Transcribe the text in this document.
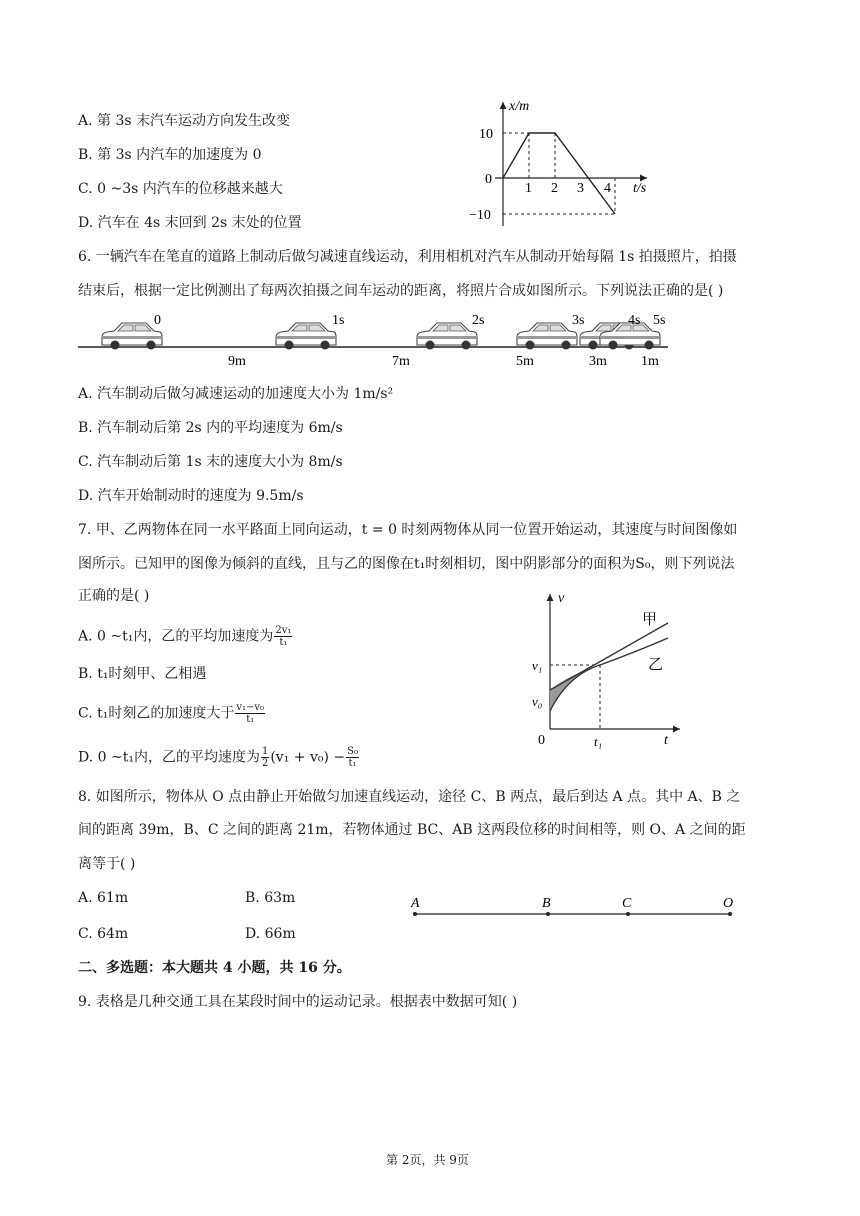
A. 第 3s 末汽车运动方向发生改变
B. 第 3s 内汽车的加速度为 0
C. 0 ~3s 内汽车的位移越来越大
D. 汽车在 4s 末回到 2s 末处的位置
x/m
t/s
10
0
−10
1 2 3 4
6. 一辆汽车在笔直的道路上制动后做匀减速直线运动，利用相机对汽车从制动开始每隔 1s 拍摄照片，拍摄
结束后，根据一定比例测出了每两次拍摄之间车运动的距离，将照片合成如图所示。下列说法正确的是( )
0	1s	2s	3s	4s 5s
9m	7m	5m	3m 1m
A. 汽车制动后做匀减速运动的加速度大小为 1m/s²
B. 汽车制动后第 2s 内的平均速度为 6m/s
C. 汽车制动后第 1s 末的速度大小为 8m/s
D. 汽车开始制动时的速度为 9.5m/s
7. 甲、乙两物体在同一水平路面上同向运动，t = 0 时刻两物体从同一位置开始运动，其速度与时间图像如
图所示。已知甲的图像为倾斜的直线，且与乙的图像在t₁时刻相切，图中阴影部分的面积为S₀，则下列说法
正确的是( )
A. 0 ~t₁内，乙的平均加速度为 $\frac{\text{2v₁}}{\text{t₁}}$
B. t₁时刻甲、乙相遇
C. t₁时刻乙的加速度大于 $\frac{\text{v₁−v₀}}{\text{t₁}}$
D. 0 ~t₁内，乙的平均速度为 $\frac{1}{2} (v_1 + v_0) - \frac{\text{S₀}}{\text{t₁}}$
v
t
0	t₁
v₁
v₀
甲
乙
8. 如图所示，物体从 O 点由静止开始做匀加速直线运动，途径 C、B 两点，最后到达 A 点。其中 A、B 之
间的距离 39m，B、C 之间的距离 21m，若物体通过 BC、AB 这两段位移的时间相等，则 O、A 之间的距
离等于( )
A. 61m	B. 63m
C. 64m	D. 66m
A	B	C	O
二、多选题：本大题共 4 小题，共 16 分。
9. 表格是几种交通工具在某段时间中的运动记录。根据表中数据可知( )
第 2页，共 9页
